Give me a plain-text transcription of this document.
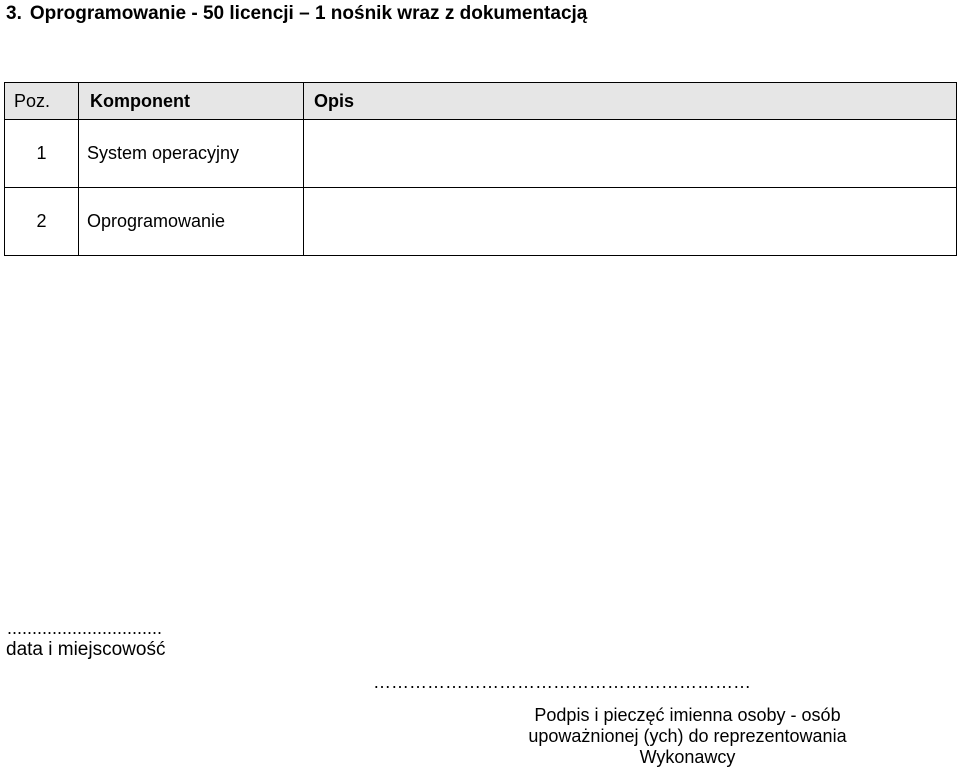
3. Oprogramowanie - 50 licencji – 1 nośnik wraz z dokumentacją
Poz.	Komponent	Opis
1	System operacyjny	
2	Oprogramowanie	
...............................
data i miejscowość
………………………………………………………
Podpis i pieczęć imienna osoby - osób
upoważnionej (ych) do reprezentowania
Wykonawcy
